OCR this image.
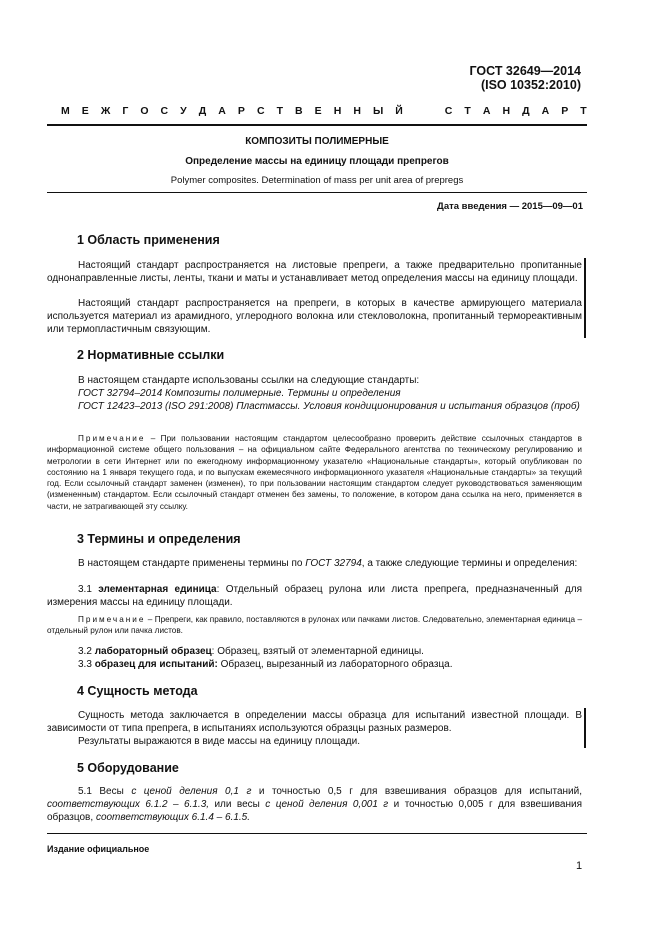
ГОСТ 32649—2014
(ISO 10352:2010)
М Е Ж Г О С У Д А Р С Т В Е Н Н Ы Й

	С Т А Н Д А Р Т
КОМПОЗИТЫ ПОЛИМЕРНЫЕ
Определение массы на единицу площади препрегов
Polymer composites. Determination of mass per unit area of prepregs
Дата введения — 2015—09—01
1 Область применения

Настоящий стандарт распространяется на листовые препреги, а также предварительно пропитанные однонаправленные листы, ленты, ткани и маты и устанавливает метод определения массы на единицу площади.

Настоящий стандарт распространяется на препреги, в которых в качестве армирующего материала используется материал из арамидного, углеродного волокна или стекловолокна, пропитанный термореактивным или термопластичным связующим.

2 Нормативные ссылки

В настоящем стандарте использованы ссылки на следующие стандарты:

ГОСТ 32794–2014 Композиты полимерные. Термины и определения

ГОСТ 12423–2013 (ISO 291:2008) Пластмассы. Условия кондиционирования и испытания образцов (проб)

Примечание – При пользовании настоящим стандартом целесообразно проверить действие ссылочных стандартов в информационной системе общего пользования – на официальном сайте Федерального агентства по техническому регулированию и метрологии в сети Интернет или по ежегодному информационному указателю «Национальные стандарты», который опубликован по состоянию на 1 января текущего года, и по выпускам ежемесячного информационного указателя «Национальные стандарты» за текущий год. Если ссылочный стандарт заменен (изменен), то при пользовании настоящим стандартом следует руководствоваться заменяющим (измененным) стандартом. Если ссылочный стандарт отменен без замены, то положение, в котором дана ссылка на него, применяется в части, не затрагивающей эту ссылку.

3 Термины и определения

В настоящем стандарте применены термины по ГОСТ 32794, а также следующие термины и определения:

3.1 элементарная единица: Отдельный образец рулона или листа препрега, предназначенный для измерения массы на единицу площади.

Примечание – Препреги, как правило, поставляются в рулонах или пачками листов. Следовательно, элементарная единица – отдельный рулон или пачка листов.

3.2 лабораторный образец: Образец, взятый от элементарной единицы.

3.3 образец для испытаний: Образец, вырезанный из лабораторного образца.

4 Сущность метода

Сущность метода заключается в определении массы образца для испытаний известной площади. В зависимости от типа препрега, в испытаниях используются образцы разных размеров.

Результаты выражаются в виде массы на единицу площади.

5 Оборудование

5.1 Весы с ценой деления 0,1 г и точностью 0,5 г для взвешивания образцов для испытаний, соответствующих 6.1.2 – 6.1.3, или весы с ценой деления 0,001 г и точностью 0,005 г для взвешивания образцов, соответствующих 6.1.4 – 6.1.5.

Издание официальное
1
